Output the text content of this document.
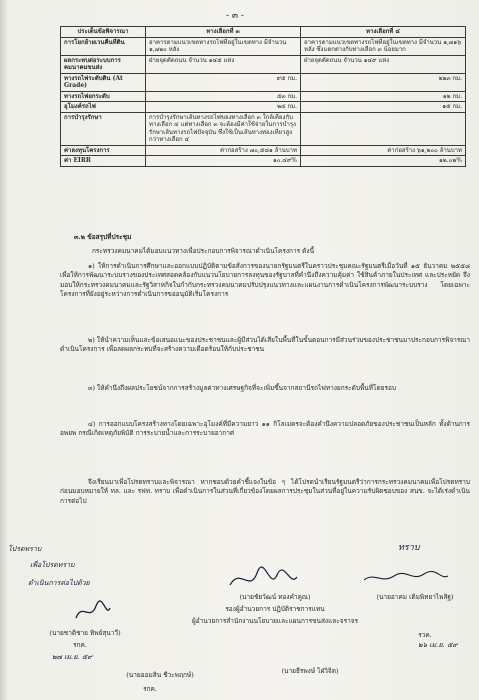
- ๓ -
ประเด็นข้อพิจารณา	ทางเลือกที่ ๓	ทางเลือกที่ ๔
การโยกย้ายเวนคืนที่ดิน	อาคารตามแนวเขตทางรถไฟที่อยู่ในเขตทาง มีจำนวน ๑,๗๒๐ หลัง	อาคารตามแนวเขตทางรถไฟที่อยู่ในเขตทาง มีจำนวน ๑,๗๑๖ หลัง ซึ่งแตกต่างกับทางเลือก ๓ น้อยมาก
ผลกระทบต่อระบบการคมนาคมขนส่ง	ฝ่ายจุดตัดถนน จำนวน ๑๔๕ แห่ง	ฝ่ายจุดตัดถนน จำนวน ๑๔๙ แห่ง
ทางรถไฟระดับดิน (At Grade)	๙๕ กม.	๒๒๓ กม.
ทางรถไฟยกระดับ	๕๓ กม.	๑๒ กม.
อุโมงค์รถไฟ	๒๔ กม.	๑๕ กม.
การบำรุงรักษา	การบำรุงรักษาเส้นทางรถไฟของทางเลือก ๓ ใกล้เคียงกับทางเลือก ๔ แต่ทางเลือก ๓ จะต้องมีค่าใช้จ่ายในการบำรุงรักษาเส้นทางรถไฟปัจจุบัน ซึ่งใช้เป็นเส้นทางท่องเที่ยวสูงกว่าทางเลือก ๔	
ค่าลงทุนโครงการ	ค่าก่อสร้าง ๗๐,๕๘๑ ล้านบาท	ค่าก่อสร้าง ๖๑,๒๐๐ ล้านบาท
ค่า EIRR	๑๐.๔๙%	๑๒.๐๒%
๓.๒ ข้อสรุปที่ประชุม
กระทรวงคมนาคมได้มอบแนวทางเพื่อประกอบการพิจารณาดำเนินโครงการ ดังนี้
๑) ให้การดำเนินการศึกษาและออกแบบปฏิบัติตามข้อสั่งการของนายกรัฐมนตรีในคราวประชุมคณะรัฐมนตรีเมื่อวันที่ ๑๕ ธันวาคม ๒๕๕๘ เพื่อให้การพัฒนาระบบรางของประเทศสอดคล้องกับแนวนโยบายการลงทุนของรัฐบาลที่คำนึงถึงความคุ้มค่า ใช้สินค้าภายในประเทศ และประหยัด จึงมอบให้กระทรวงคมนาคมและรัฐวิสาหกิจในกำกับกระทรวงคมนาคมปรับปรุงแนวทางและแผนงานการดำเนินโครงการพัฒนาระบบราง โดยเฉพาะโครงการที่ยังอยู่ระหว่างการดำเนินการขออนุมัติเริ่มโครงการ
๒) ให้นำความเห็นและข้อเสนอแนะของประชาชนและผู้มีส่วนได้เสียในพื้นที่ในขั้นตอนการมีส่วนร่วมของประชาชนมาประกอบการพิจารณาดำเนินโครงการ เพื่อลดผลกระทบที่จะสร้างความเดือดร้อนให้กับประชาชน
๓) ให้คำนึงถึงผลประโยชน์จากการสร้างมูลค่าทางเศรษฐกิจที่จะเพิ่มขึ้นจากสถานีรถไฟทางยกระดับพื้นที่โดยรอบ
๔) การออกแบบโครงสร้างทางโดยเฉพาะอุโมงค์ที่มีความยาว ๑๑ กิโลเมตรจะต้องคำนึงความปลอดภัยของประชาชนเป็นหลัก ทั้งด้านการอพยพ กรณีเกิดเหตุภัยพิบัติ การระบายน้ำและการระบายอากาศ
จึงเรียนมาเพื่อโปรดทราบและพิจารณา หากชอบด้วยคำชี้แจงในข้อ ๆ ได้โปรดนำเรียนรัฐมนตรีว่าการกระทรวงคมนาคมเพื่อโปรดทราบ ก่อนมอบหมายให้ ทล. และ รฟท. ทราบ เพื่อดำเนินการในส่วนที่เกี่ยวข้องโดยผลการประชุมในส่วนที่อยู่ในความรับผิดชอบของ สนข. จะได้เร่งดำเนินการต่อไป
โปรดทราบ
เพื่อโปรดทราบ
ดำเนินการต่อไปด้วย
ทราบ
(นายชัยวัฒน์ ทองคำคูณ)
รองผู้อำนวยการ ปฏิบัติราชการแทน
ผู้อำนวยการสำนักงานนโยบายและแผนการขนส่งและจราจร
(นายอาคม เติมพิทยาไพสิฐ)
รวค.
๒๖ เม.ย. ๕๙
(นายชาติชาย ทิพย์สุนาวี)
รกค.
๒๗ เม.ย. ๕๙
(นายออมสิน ชีวะพฤกษ์)
รกค.
(นายธีรพงษ์ ไฝ่วิจิต)
